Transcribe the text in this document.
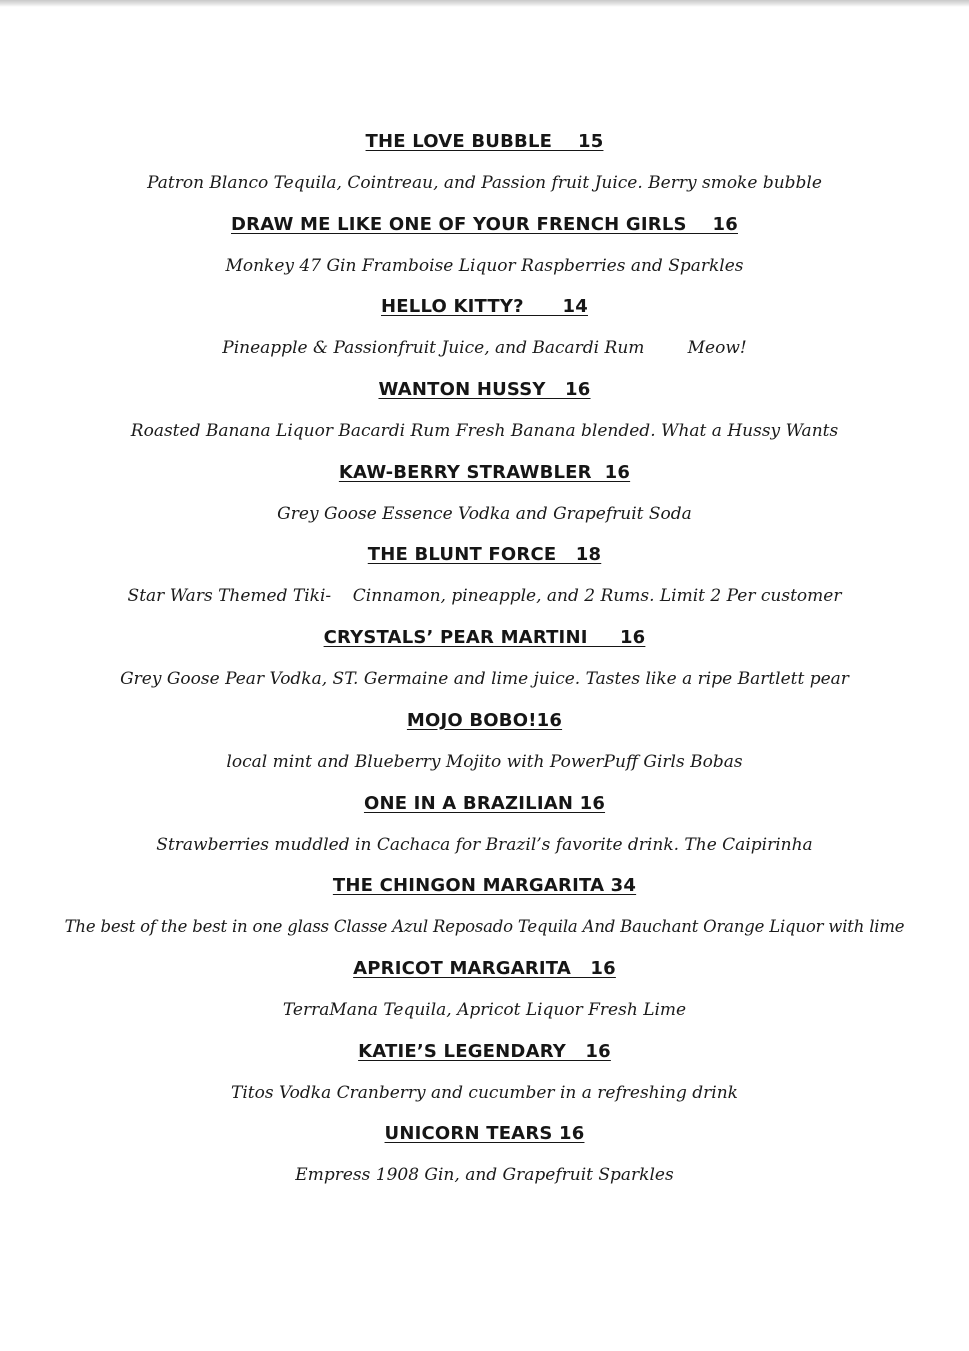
THE LOVE BUBBLE    15
Patron Blanco Tequila, Cointreau, and Passion fruit Juice. Berry smoke bubble
DRAW ME LIKE ONE OF YOUR FRENCH GIRLS    16
Monkey 47 Gin Framboise Liquor Raspberries and Sparkles
HELLO KITTY?      14
Pineapple & Passionfruit Juice, and Bacardi Rum        Meow!
WANTON HUSSY   16
Roasted Banana Liquor Bacardi Rum Fresh Banana blended. What a Hussy Wants
KAW-BERRY STRAWBLER  16
Grey Goose Essence Vodka and Grapefruit Soda
THE BLUNT FORCE   18
Star Wars Themed Tiki-    Cinnamon, pineapple, and 2 Rums. Limit 2 Per customer
CRYSTALS’ PEAR MARTINI     16
Grey Goose Pear Vodka, ST. Germaine and lime juice. Tastes like a ripe Bartlett pear
MOJO BOBO!16
local mint and Blueberry Mojito with PowerPuff Girls Bobas
ONE IN A BRAZILIAN 16
Strawberries muddled in Cachaca for Brazil’s favorite drink. The Caipirinha
THE CHINGON MARGARITA 34
The best of the best in one glass Classe Azul Reposado Tequila And Bauchant Orange Liquor with lime
APRICOT MARGARITA   16
TerraMana Tequila, Apricot Liquor Fresh Lime
KATIE’S LEGENDARY   16
Titos Vodka Cranberry and cucumber in a refreshing drink
UNICORN TEARS 16
Empress 1908 Gin, and Grapefruit Sparkles
